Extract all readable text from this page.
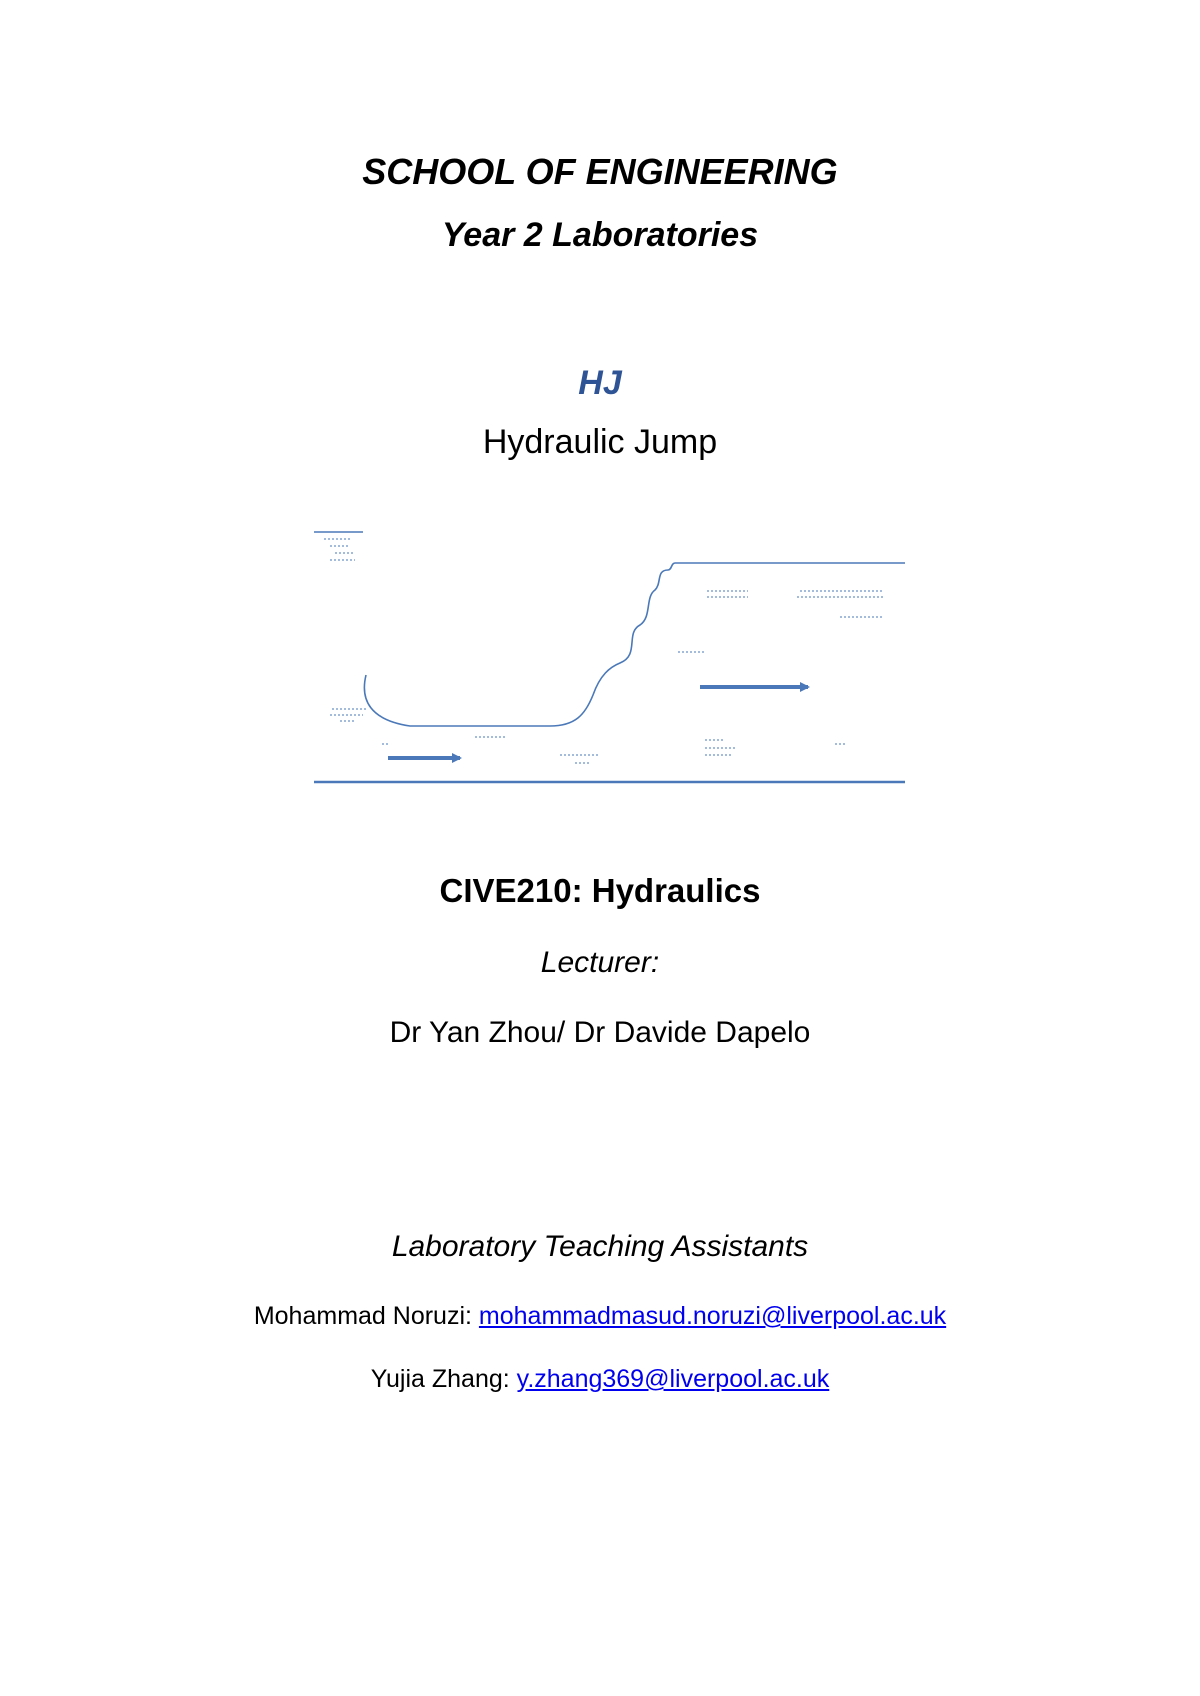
SCHOOL OF ENGINEERING
Year 2 Laboratories
HJ
Hydraulic Jump
CIVE210: Hydraulics
Lecturer:
Dr Yan Zhou/ Dr Davide Dapelo
Laboratory Teaching Assistants
Mohammad Noruzi: mohammadmasud.noruzi@liverpool.ac.uk
Yujia Zhang: y.zhang369@liverpool.ac.uk
